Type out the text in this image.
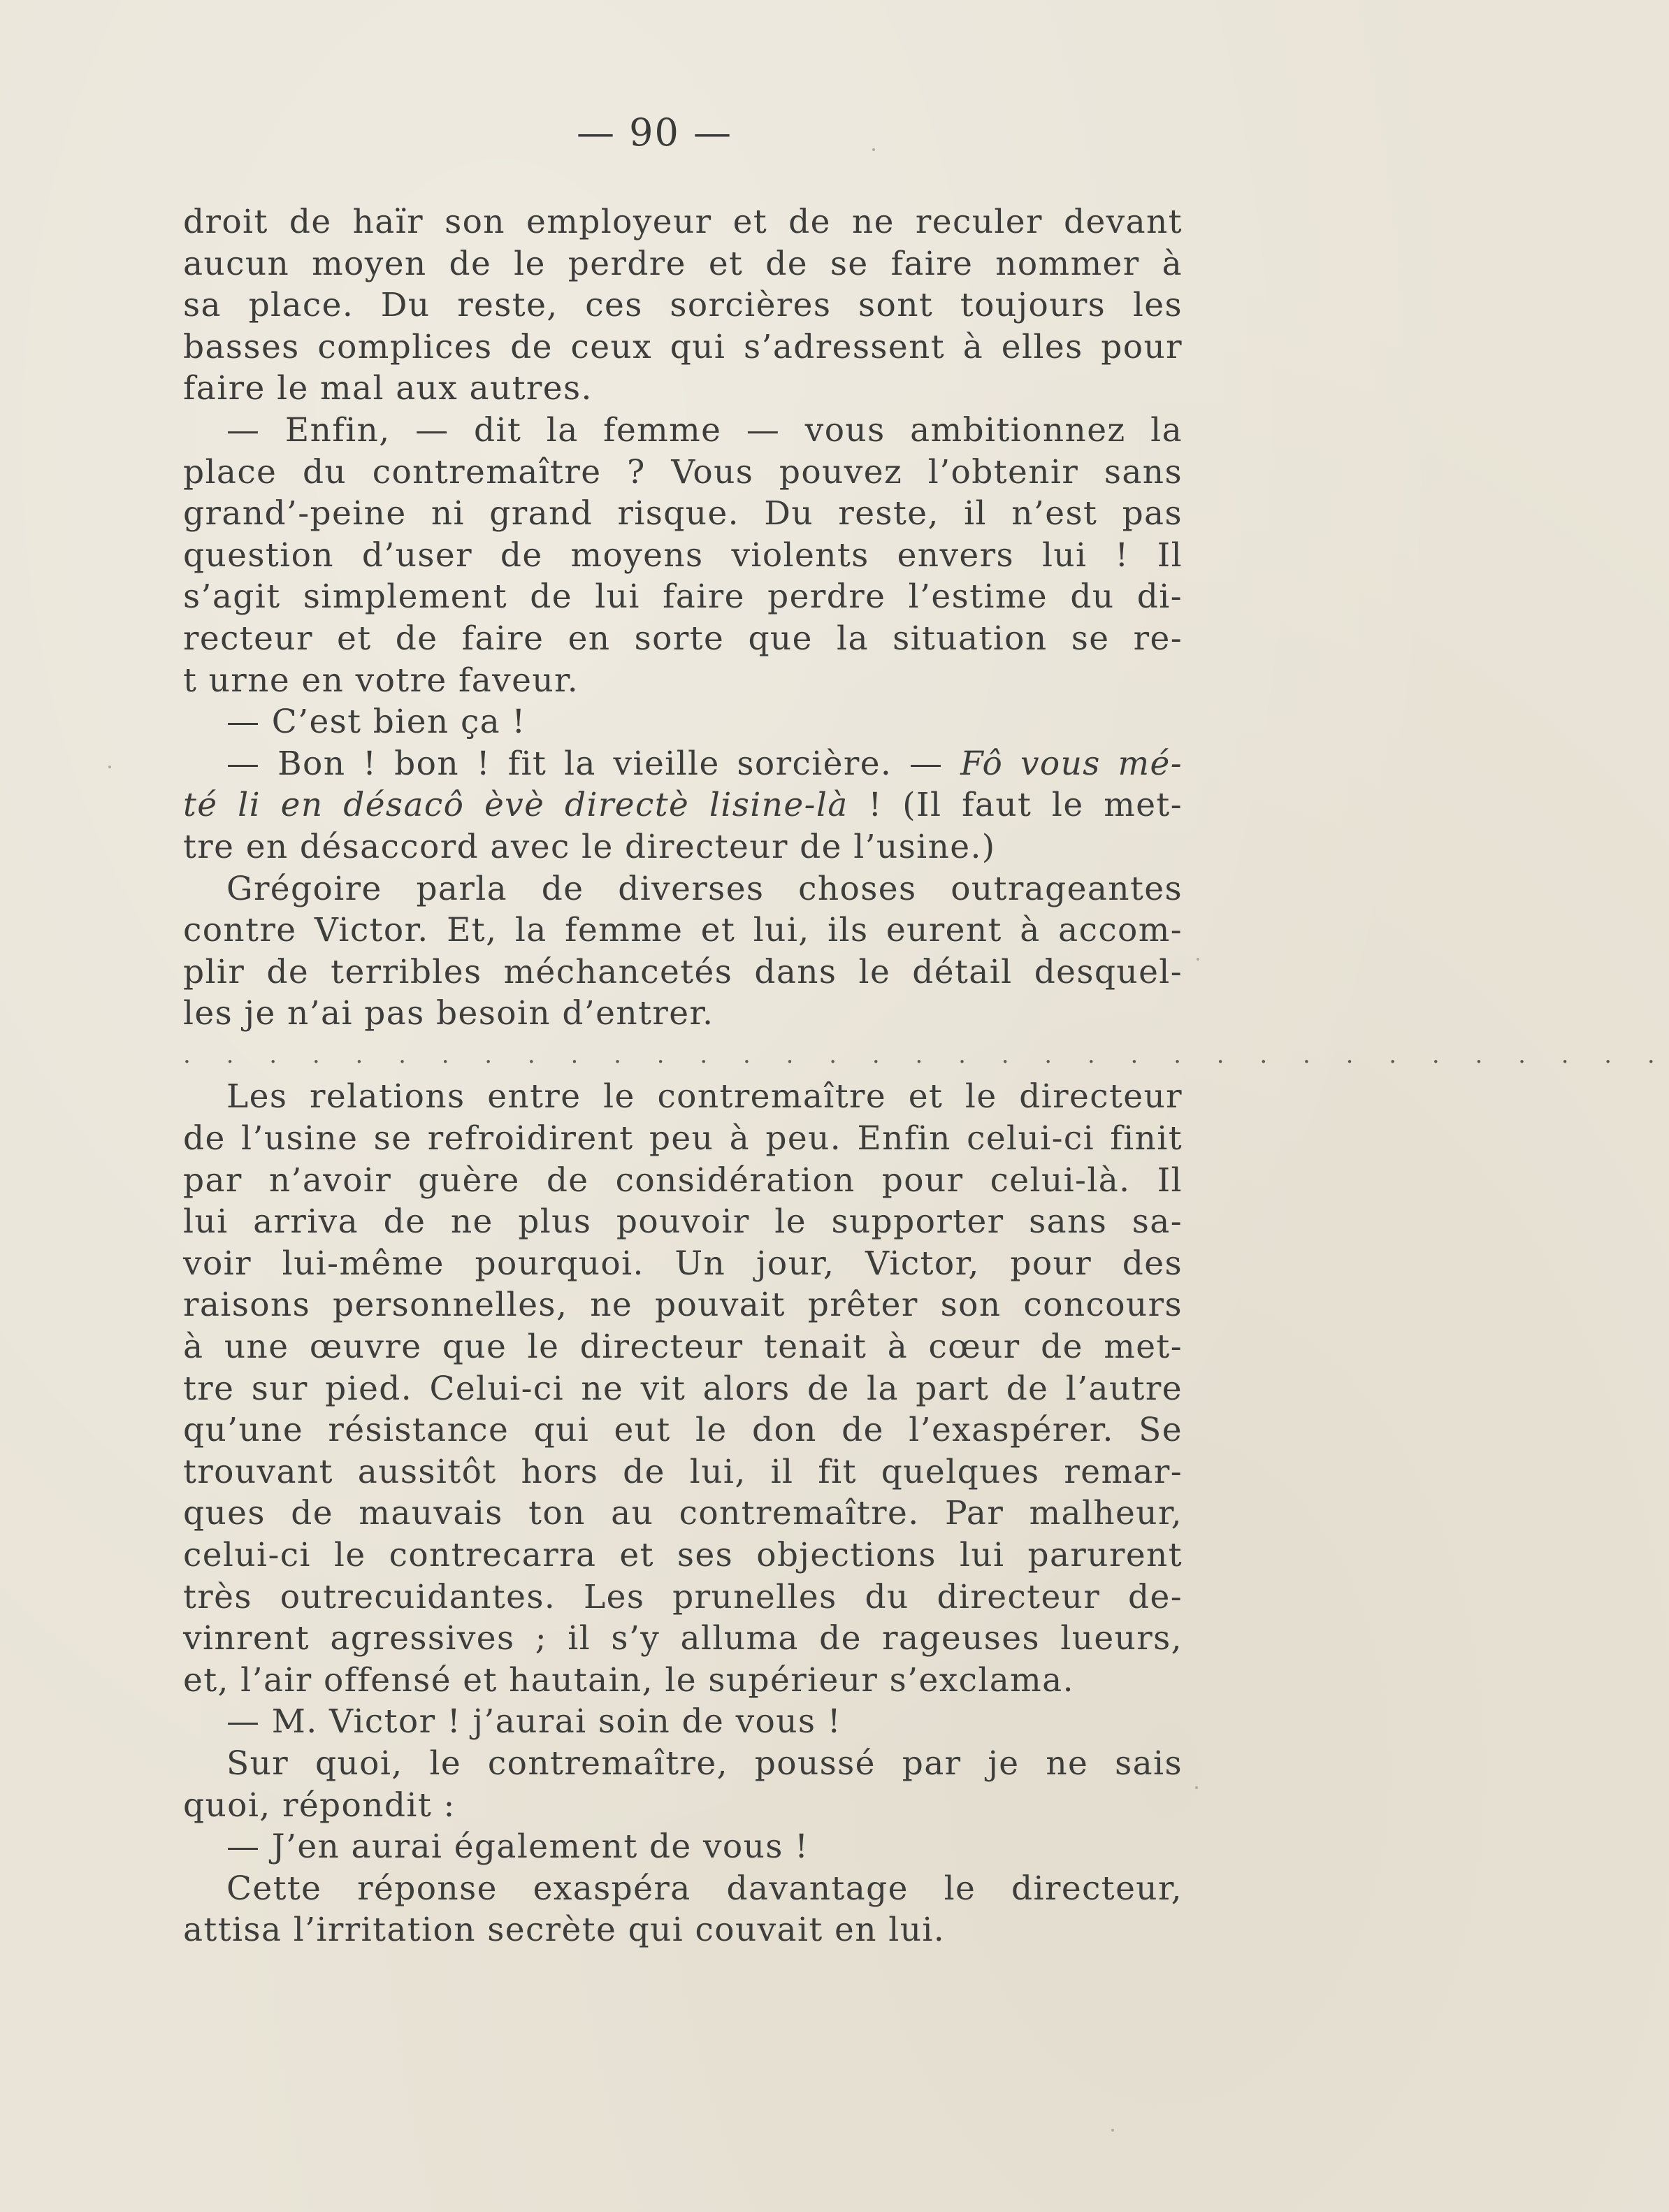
— 90 —
droit de haïr son employeur et de ne reculer devant
aucun moyen de le perdre et de se faire nommer à
sa place. Du reste, ces sorcières sont toujours les
basses complices de ceux qui s’adressent à elles pour
faire le mal aux autres.
— Enfin, — dit la femme — vous ambitionnez la
place du contremaître ? Vous pouvez l’obtenir sans
grand’-peine ni grand risque. Du reste, il n’est pas
question d’user de moyens violents envers lui ! Il
s’agit simplement de lui faire perdre l’estime du di-
recteur et de faire en sorte que la situation se re-
t urne en votre faveur.
— C’est bien ça !
— Bon ! bon ! fit la vieille sorcière. — Fô vous mé-
té li en désacô èvè directè lisine-là ! (Il faut le met-
tre en désaccord avec le directeur de l’usine.)
Grégoire parla de diverses choses outrageantes
contre Victor. Et, la femme et lui, ils eurent à accom-
plir de terribles méchancetés dans le détail desquel-
les je n’ai pas besoin d’entrer.
. . . . . . . . . . . . . . . . . . . . . . . . . . . . . . . . . . .
Les relations entre le contremaître et le directeur
de l’usine se refroidirent peu à peu. Enfin celui-ci finit
par n’avoir guère de considération pour celui-là. Il
lui arriva de ne plus pouvoir le supporter sans sa-
voir lui-même pourquoi. Un jour, Victor, pour des
raisons personnelles, ne pouvait prêter son concours
à une œuvre que le directeur tenait à cœur de met-
tre sur pied. Celui-ci ne vit alors de la part de l’autre
qu’une résistance qui eut le don de l’exaspérer. Se
trouvant aussitôt hors de lui, il fit quelques remar-
ques de mauvais ton au contremaître. Par malheur,
celui-ci le contrecarra et ses objections lui parurent
très outrecuidantes. Les prunelles du directeur de-
vinrent agressives ; il s’y alluma de rageuses lueurs,
et, l’air offensé et hautain, le supérieur s’exclama.
— M. Victor ! j’aurai soin de vous !
Sur quoi, le contremaître, poussé par je ne sais
quoi, répondit :
— J’en aurai également de vous !
Cette réponse exaspéra davantage le directeur,
attisa l’irritation secrète qui couvait en lui.
